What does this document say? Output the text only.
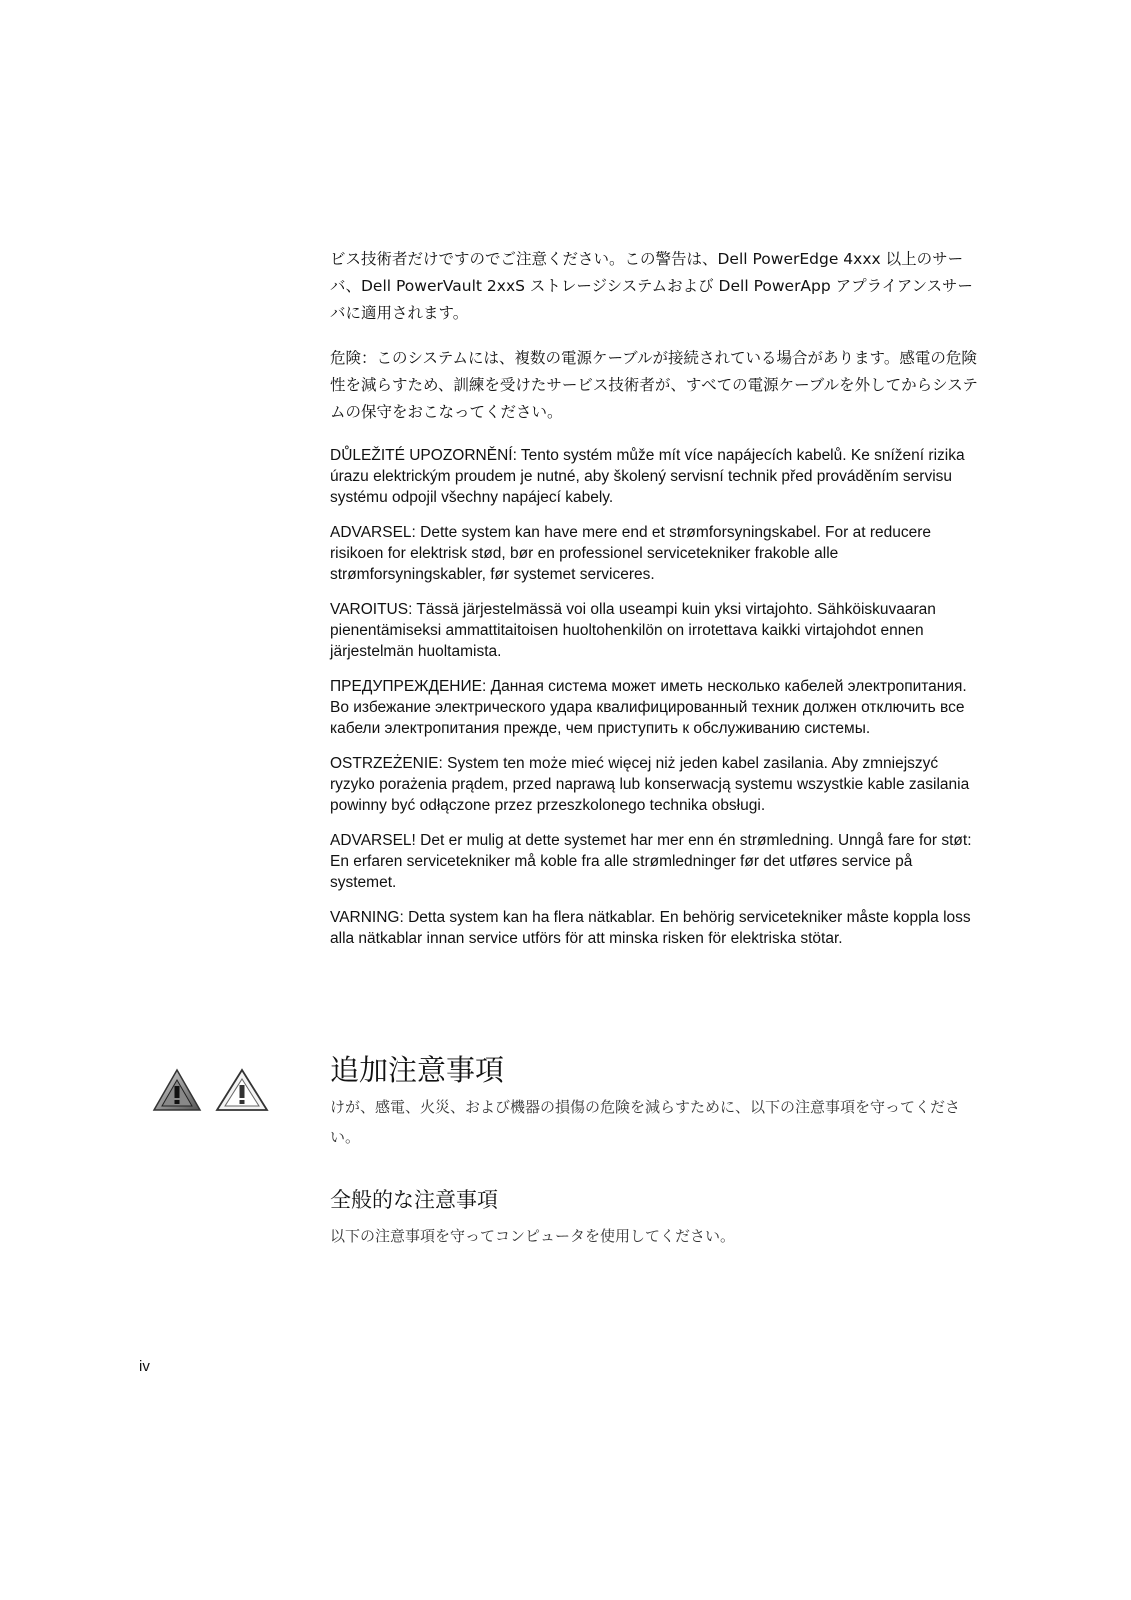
ビス技術者だけですのでご注意ください。この警告は、Dell PowerEdge 4xxx 以上のサーバ、Dell PowerVault 2xxS ストレージシステムおよび Dell PowerApp アプライアンスサーバに適用されます。

危険：このシステムには、複数の電源ケーブルが接続されている場合があります。感電の危険性を減らすため、訓練を受けたサービス技術者が、すべての電源ケーブルを外してからシステムの保守をおこなってください。

DŮLEŽITÉ UPOZORNĚNÍ: Tento systém může mít více napájecích kabelů. Ke snížení rizika úrazu elektrickým proudem je nutné, aby školený servisní technik před prováděním servisu systému odpojil všechny napájecí kabely.

ADVARSEL: Dette system kan have mere end et strømforsyningskabel. For at reducere risikoen for elektrisk stød, bør en professionel servicetekniker frakoble alle strømforsyningskabler, før systemet serviceres.

VAROITUS: Tässä järjestelmässä voi olla useampi kuin yksi virtajohto. Sähköiskuvaaran pienentämiseksi ammattitaitoisen huoltohenkilön on irrotettava kaikki virtajohdot ennen järjestelmän huoltamista.

ПРЕДУПРЕЖДЕНИЕ: Данная система может иметь несколько кабелей электропитания. Во избежание электрического удара квалифицированный техник должен отключить все кабели электропитания прежде, чем приступить к обслуживанию системы.

OSTRZEŻENIE: System ten może mieć więcej niż jeden kabel zasilania. Aby zmniejszyć ryzyko porażenia prądem, przed naprawą lub konserwacją systemu wszystkie kable zasilania powinny być odłączone przez przeszkolonego technika obsługi.

ADVARSEL! Det er mulig at dette systemet har mer enn én strømledning. Unngå fare for støt: En erfaren servicetekniker må koble fra alle strømledninger før det utføres service på systemet.

VARNING: Detta system kan ha flera nätkablar. En behörig servicetekniker måste koppla loss alla nätkablar innan service utförs för att minska risken för elektriska stötar.

追加注意事項

けが、感電、火災、および機器の損傷の危険を減らすために、以下の注意事項を守ってください。

全般的な注意事項

以下の注意事項を守ってコンピュータを使用してください。

iv
